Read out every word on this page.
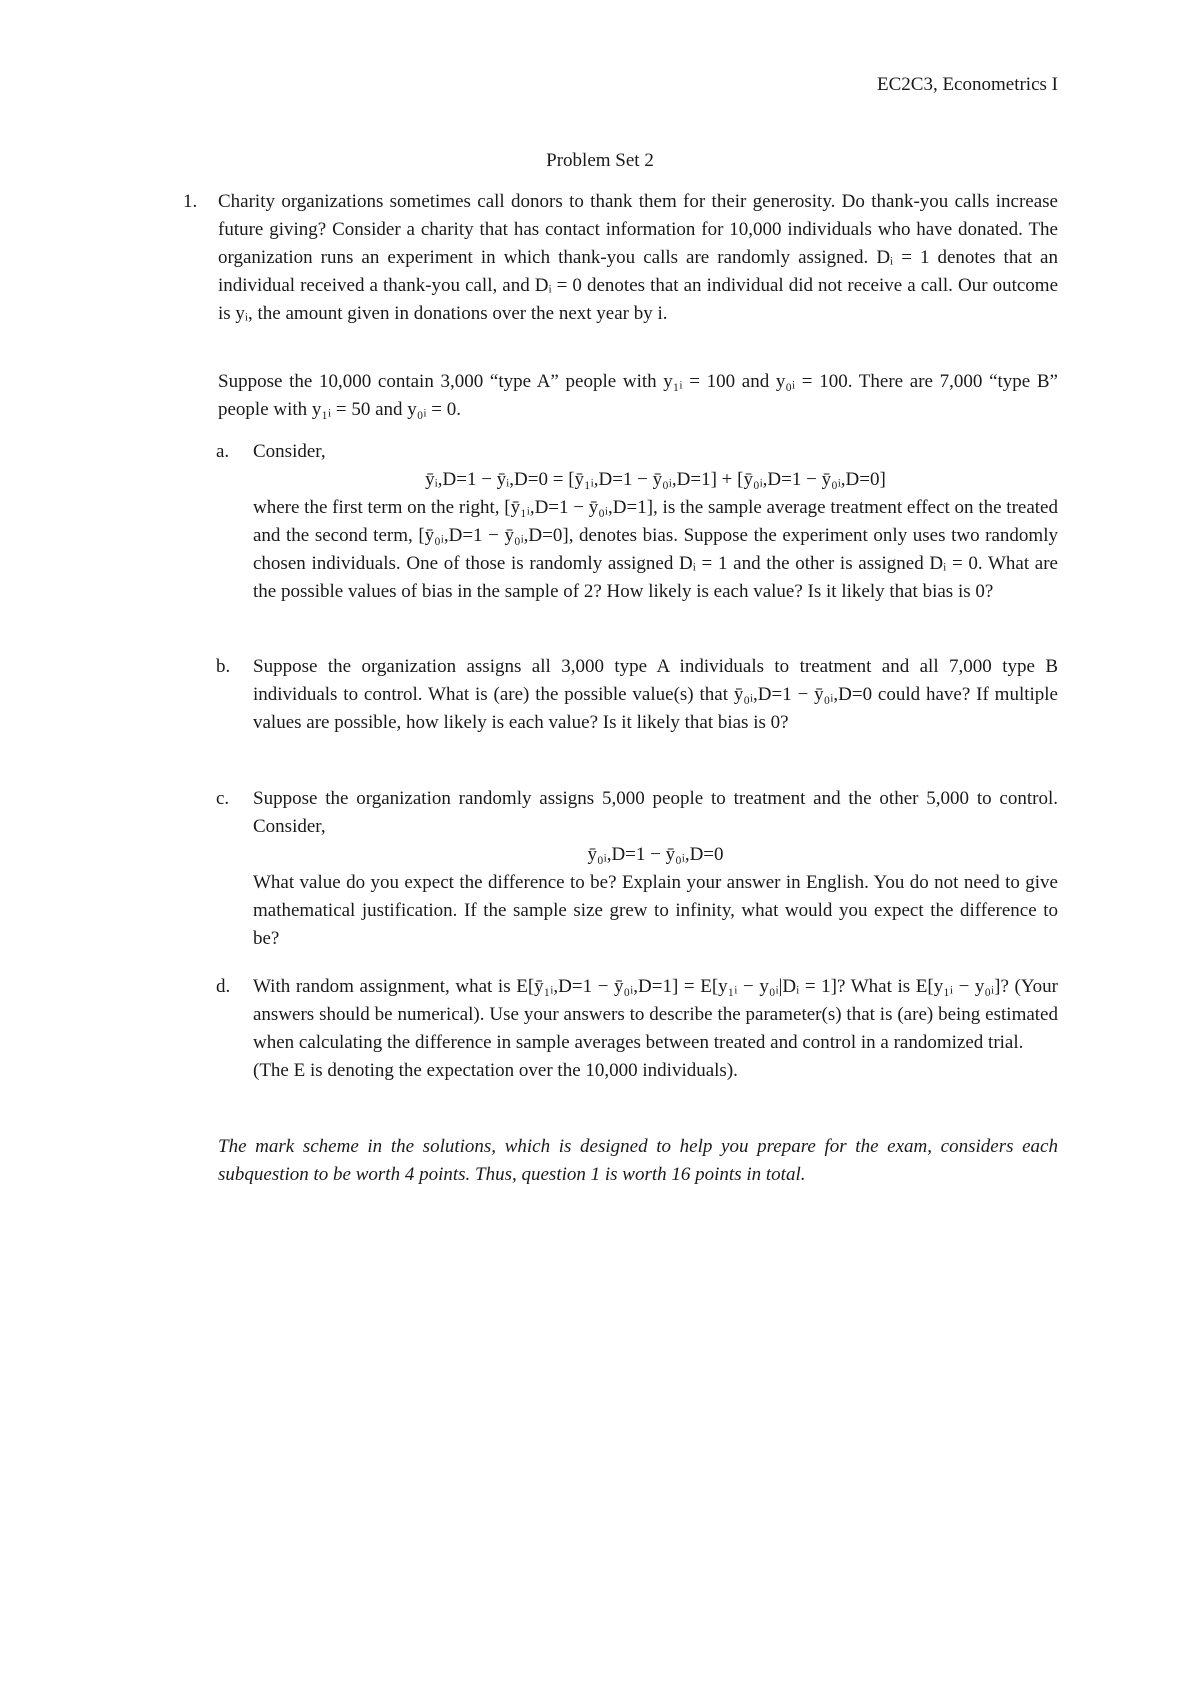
EC2C3, Econometrics I
Problem Set 2
1. Charity organizations sometimes call donors to thank them for their generosity. Do thank-you calls increase future giving? Consider a charity that has contact information for 10,000 individuals who have donated. The organization runs an experiment in which thank-you calls are randomly assigned. Dᵢ = 1 denotes that an individual received a thank-you call, and Dᵢ = 0 denotes that an individual did not receive a call. Our outcome is yᵢ, the amount given in donations over the next year by i.

Suppose the 10,000 contain 3,000 “type A” people with y₁ᵢ = 100 and y₀ᵢ = 100. There are 7,000 “type B” people with y₁ᵢ = 50 and y₀ᵢ = 0.

a. Consider,

ȳᵢ,D=1 − ȳᵢ,D=0 = [ȳ₁ᵢ,D=1 − ȳ₀ᵢ,D=1] + [ȳ₀ᵢ,D=1 − ȳ₀ᵢ,D=0]

where the first term on the right, [ȳ₁ᵢ,D=1 − ȳ₀ᵢ,D=1], is the sample average treatment effect on the treated and the second term, [ȳ₀ᵢ,D=1 − ȳ₀ᵢ,D=0], denotes bias. Suppose the experiment only uses two randomly chosen individuals. One of those is randomly assigned Dᵢ = 1 and the other is assigned Dᵢ = 0. What are the possible values of bias in the sample of 2? How likely is each value? Is it likely that bias is 0?

b. Suppose the organization assigns all 3,000 type A individuals to treatment and all 7,000 type B individuals to control. What is (are) the possible value(s) that ȳ₀ᵢ,D=1 − ȳ₀ᵢ,D=0 could have? If multiple values are possible, how likely is each value? Is it likely that bias is 0?

c. Suppose the organization randomly assigns 5,000 people to treatment and the other 5,000 to control. Consider,

ȳ₀ᵢ,D=1 − ȳ₀ᵢ,D=0

What value do you expect the difference to be? Explain your answer in English. You do not need to give mathematical justification. If the sample size grew to infinity, what would you expect the difference to be?

d. With random assignment, what is E[ȳ₁ᵢ,D=1 − ȳ₀ᵢ,D=1] = E[y₁ᵢ − y₀ᵢ|Dᵢ = 1]? What is E[y₁ᵢ − y₀ᵢ]? (Your answers should be numerical). Use your answers to describe the parameter(s) that is (are) being estimated when calculating the difference in sample averages between treated and control in a randomized trial.

(The E is denoting the expectation over the 10,000 individuals).

The mark scheme in the solutions, which is designed to help you prepare for the exam, considers each subquestion to be worth 4 points. Thus, question 1 is worth 16 points in total.
